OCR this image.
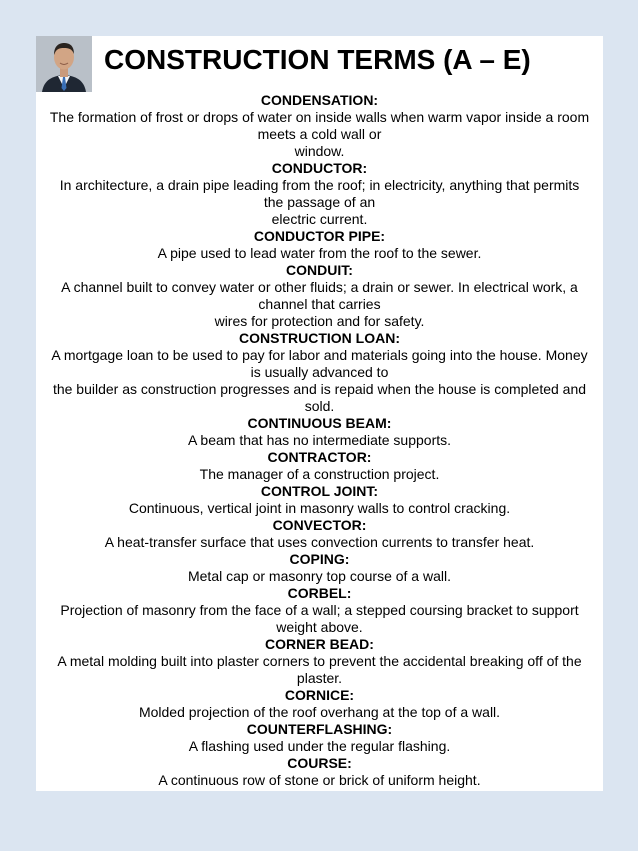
CONSTRUCTION TERMS (A – E)
CONDENSATION:
The formation of frost or drops of water on inside walls when warm vapor inside a room
meets a cold wall or
window.
CONDUCTOR:
In architecture, a drain pipe leading from the roof; in electricity, anything that permits
the passage of an
electric current.
CONDUCTOR PIPE:
A pipe used to lead water from the roof to the sewer.
CONDUIT:
A channel built to convey water or other fluids; a drain or sewer. In electrical work, a
channel that carries
wires for protection and for safety.
CONSTRUCTION LOAN:
A mortgage loan to be used to pay for labor and materials going into the house. Money
is usually advanced to
the builder as construction progresses and is repaid when the house is completed and
sold.
CONTINUOUS BEAM:
A beam that has no intermediate supports.
CONTRACTOR:
The manager of a construction project.
CONTROL JOINT:
Continuous, vertical joint in masonry walls to control cracking.
CONVECTOR:
A heat-transfer surface that uses convection currents to transfer heat.
COPING:
Metal cap or masonry top course of a wall.
CORBEL:
Projection of masonry from the face of a wall; a stepped coursing bracket to support
weight above.
CORNER BEAD:
A metal molding built into plaster corners to prevent the accidental breaking off of the
plaster.
CORNICE:
Molded projection of the roof overhang at the top of a wall.
COUNTERFLASHING:
A flashing used under the regular flashing.
COURSE:
A continuous row of stone or brick of uniform height.
